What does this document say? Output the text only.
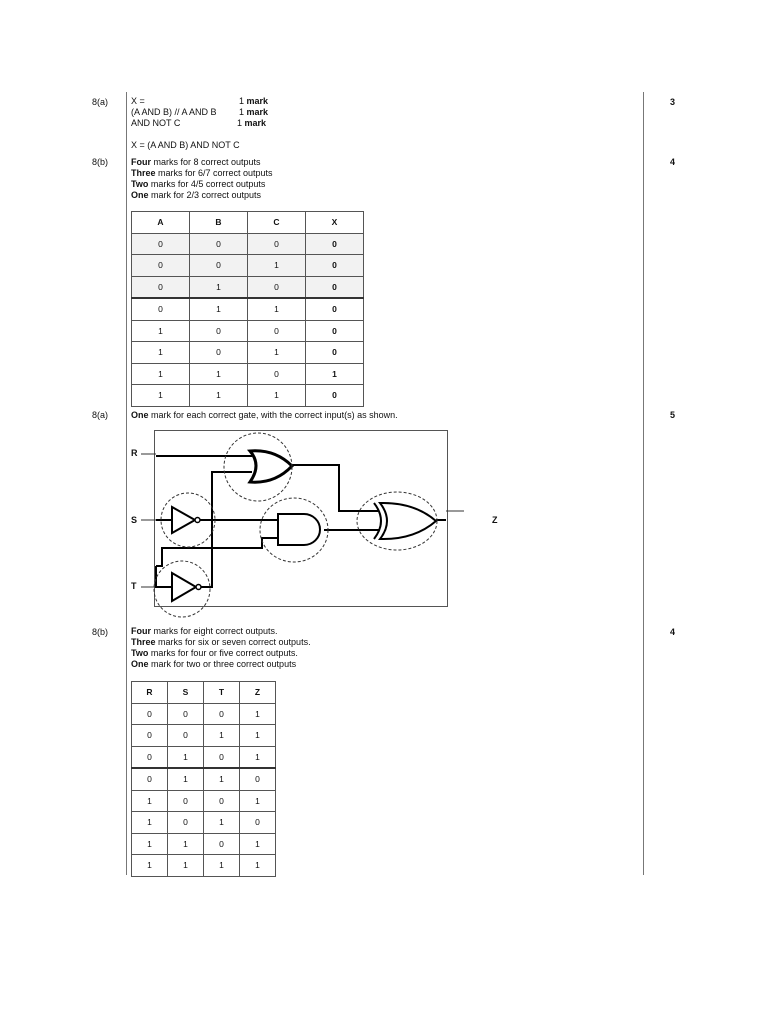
8(a)	3
X =	1 mark
(A AND B) // A AND B 1 mark
AND NOT C	1 mark
X = (A AND B) AND NOT C
8(b)	4
Four marks for 8 correct outputs
Three marks for 6/7 correct outputs
Two marks for 4/5 correct outputs
One mark for 2/3 correct outputs
A	B	C	X
0	0	0	0
0	0	1	0
0	1	0	0
0	1	1	0
1	0	0	0
1	0	1	0
1	1	0	1
1	1	1	0
8(a)	5
One mark for each correct gate, with the correct input(s) as shown.
R
S
T
Z
8(b)	4
Four marks for eight correct outputs.
Three marks for six or seven correct outputs.
Two marks for four or five correct outputs.
One mark for two or three correct outputs
R	S	T	Z
0	0	0	1
0	0	1	1
0	1	0	1
0	1	1	0
1	0	0	1
1	0	1	0
1	1	0	1
1	1	1	1
